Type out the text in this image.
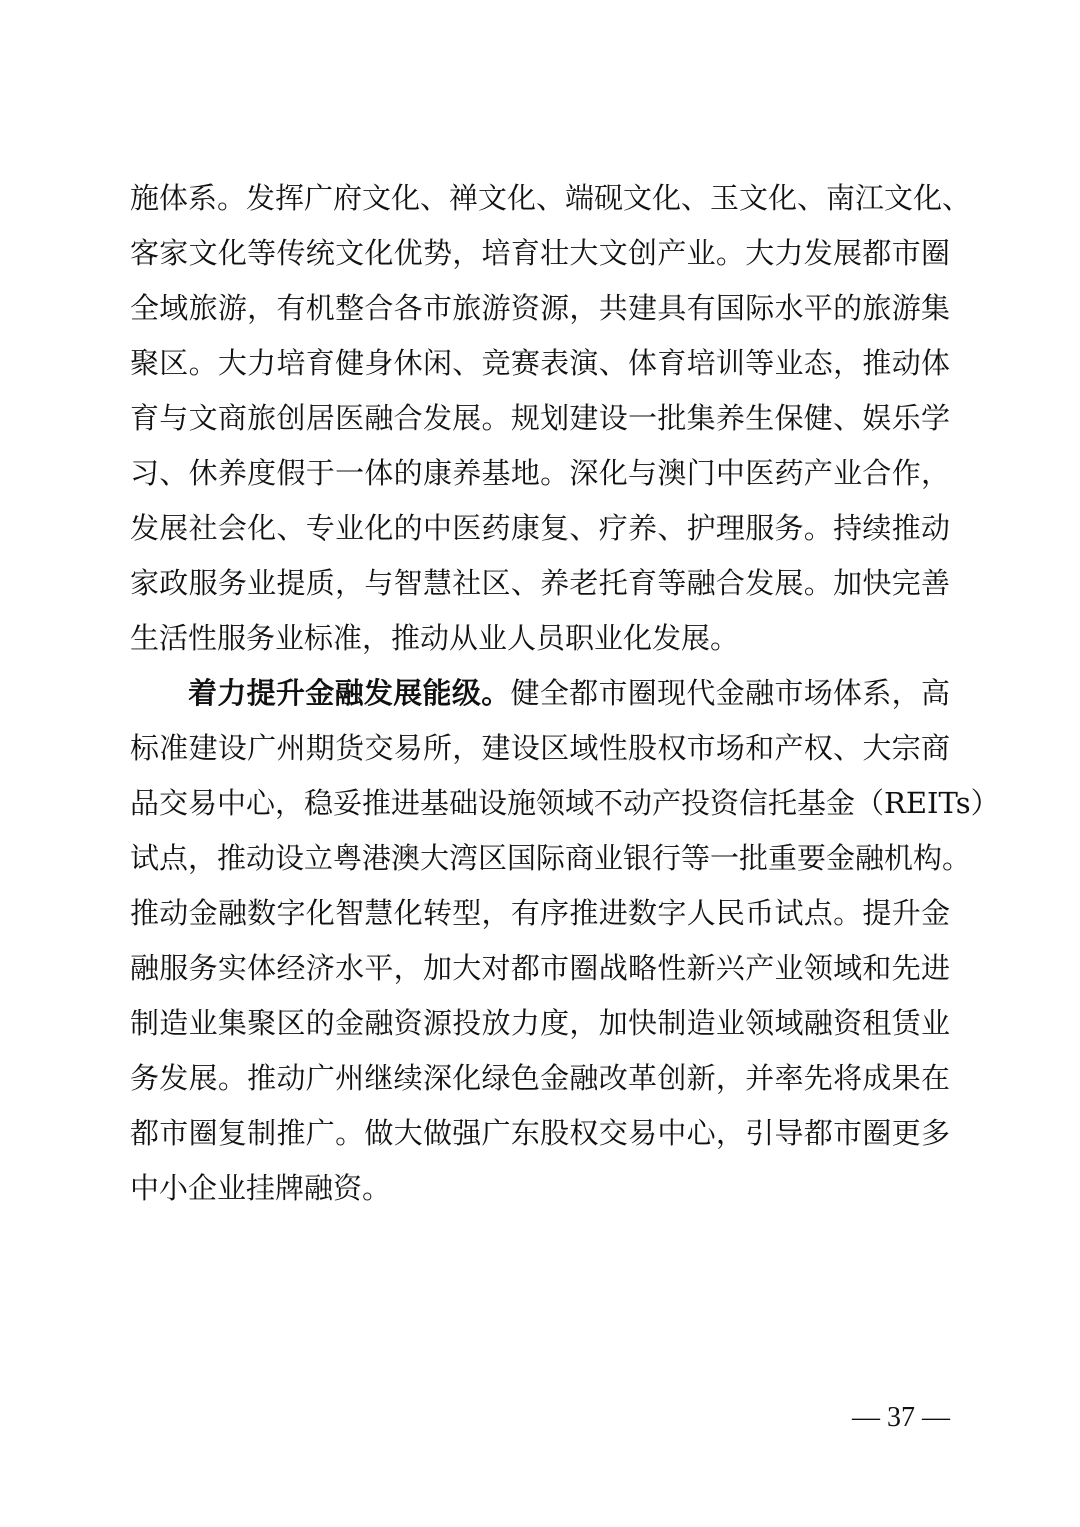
施体系。发挥广府文化、禅文化、端砚文化、玉文化、南江文化、
客家文化等传统文化优势，培育壮大文创产业。大力发展都市圈
全域旅游，有机整合各市旅游资源，共建具有国际水平的旅游集
聚区。大力培育健身休闲、竞赛表演、体育培训等业态，推动体
育与文商旅创居医融合发展。规划建设一批集养生保健、娱乐学
习、休养度假于一体的康养基地。深化与澳门中医药产业合作，
发展社会化、专业化的中医药康复、疗养、护理服务。持续推动
家政服务业提质，与智慧社区、养老托育等融合发展。加快完善
生活性服务业标准，推动从业人员职业化发展。
着力提升金融发展能级。健全都市圈现代金融市场体系，高
标准建设广州期货交易所，建设区域性股权市场和产权、大宗商
品交易中心，稳妥推进基础设施领域不动产投资信托基金（REITs）
试点，推动设立粤港澳大湾区国际商业银行等一批重要金融机构。
推动金融数字化智慧化转型，有序推进数字人民币试点。提升金
融服务实体经济水平，加大对都市圈战略性新兴产业领域和先进
制造业集聚区的金融资源投放力度，加快制造业领域融资租赁业
务发展。推动广州继续深化绿色金融改革创新，并率先将成果在
都市圈复制推广。做大做强广东股权交易中心，引导都市圈更多
中小企业挂牌融资。
— 37 —
